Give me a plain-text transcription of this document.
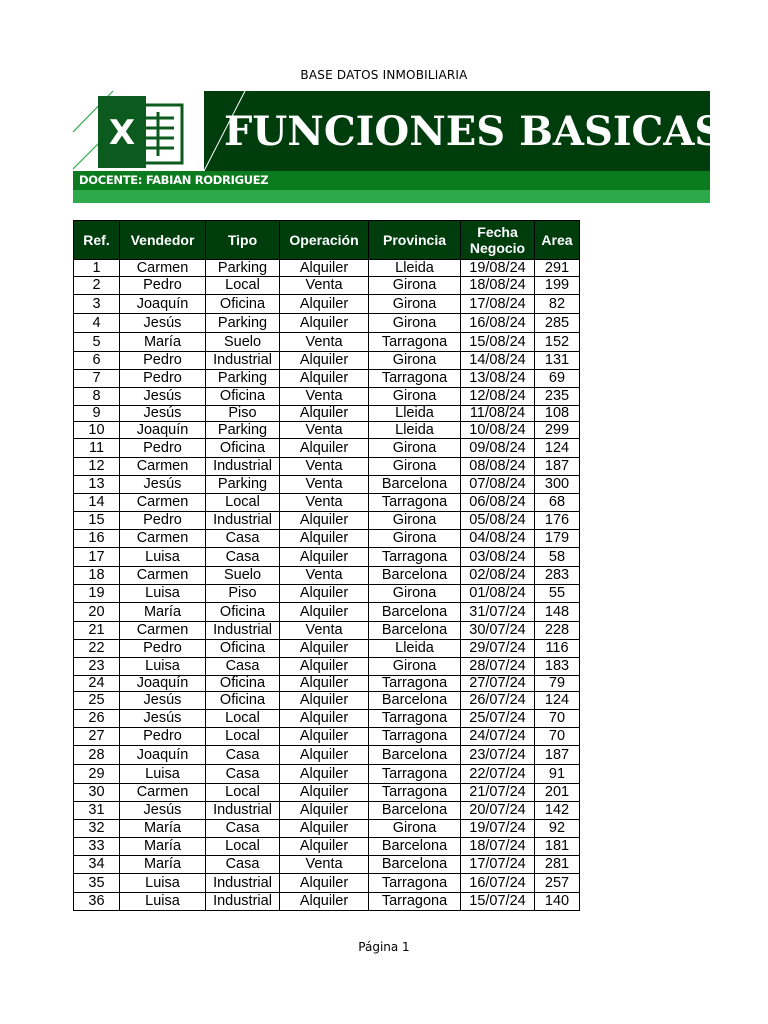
BASE DATOS INMOBILIARIA
X FUNCIONES BASICAS
DOCENTE: FABIAN RODRIGUEZ
Ref.	Vendedor	Tipo	Operación	Provincia	Fecha Negocio	Area
1	Carmen	Parking	Alquiler	Lleida	19/08/24	291
2	Pedro	Local	Venta	Girona	18/08/24	199
3	Joaquín	Oficina	Alquiler	Girona	17/08/24	82
4	Jesús	Parking	Alquiler	Girona	16/08/24	285
5	María	Suelo	Venta	Tarragona	15/08/24	152
6	Pedro	Industrial	Alquiler	Girona	14/08/24	131
7	Pedro	Parking	Alquiler	Tarragona	13/08/24	69
8	Jesús	Oficina	Venta	Girona	12/08/24	235
9	Jesús	Piso	Alquiler	Lleida	11/08/24	108
10	Joaquín	Parking	Venta	Lleida	10/08/24	299
11	Pedro	Oficina	Alquiler	Girona	09/08/24	124
12	Carmen	Industrial	Venta	Girona	08/08/24	187
13	Jesús	Parking	Venta	Barcelona	07/08/24	300
14	Carmen	Local	Venta	Tarragona	06/08/24	68
15	Pedro	Industrial	Alquiler	Girona	05/08/24	176
16	Carmen	Casa	Alquiler	Girona	04/08/24	179
17	Luisa	Casa	Alquiler	Tarragona	03/08/24	58
18	Carmen	Suelo	Venta	Barcelona	02/08/24	283
19	Luisa	Piso	Alquiler	Girona	01/08/24	55
20	María	Oficina	Alquiler	Barcelona	31/07/24	148
21	Carmen	Industrial	Venta	Barcelona	30/07/24	228
22	Pedro	Oficina	Alquiler	Lleida	29/07/24	116
23	Luisa	Casa	Alquiler	Girona	28/07/24	183
24	Joaquín	Oficina	Alquiler	Tarragona	27/07/24	79
25	Jesús	Oficina	Alquiler	Barcelona	26/07/24	124
26	Jesús	Local	Alquiler	Tarragona	25/07/24	70
27	Pedro	Local	Alquiler	Tarragona	24/07/24	70
28	Joaquín	Casa	Alquiler	Barcelona	23/07/24	187
29	Luisa	Casa	Alquiler	Tarragona	22/07/24	91
30	Carmen	Local	Alquiler	Tarragona	21/07/24	201
31	Jesús	Industrial	Alquiler	Barcelona	20/07/24	142
32	María	Casa	Alquiler	Girona	19/07/24	92
33	María	Local	Alquiler	Barcelona	18/07/24	181
34	María	Casa	Venta	Barcelona	17/07/24	281
35	Luisa	Industrial	Alquiler	Tarragona	16/07/24	257
36	Luisa	Industrial	Alquiler	Tarragona	15/07/24	140
Página 1
